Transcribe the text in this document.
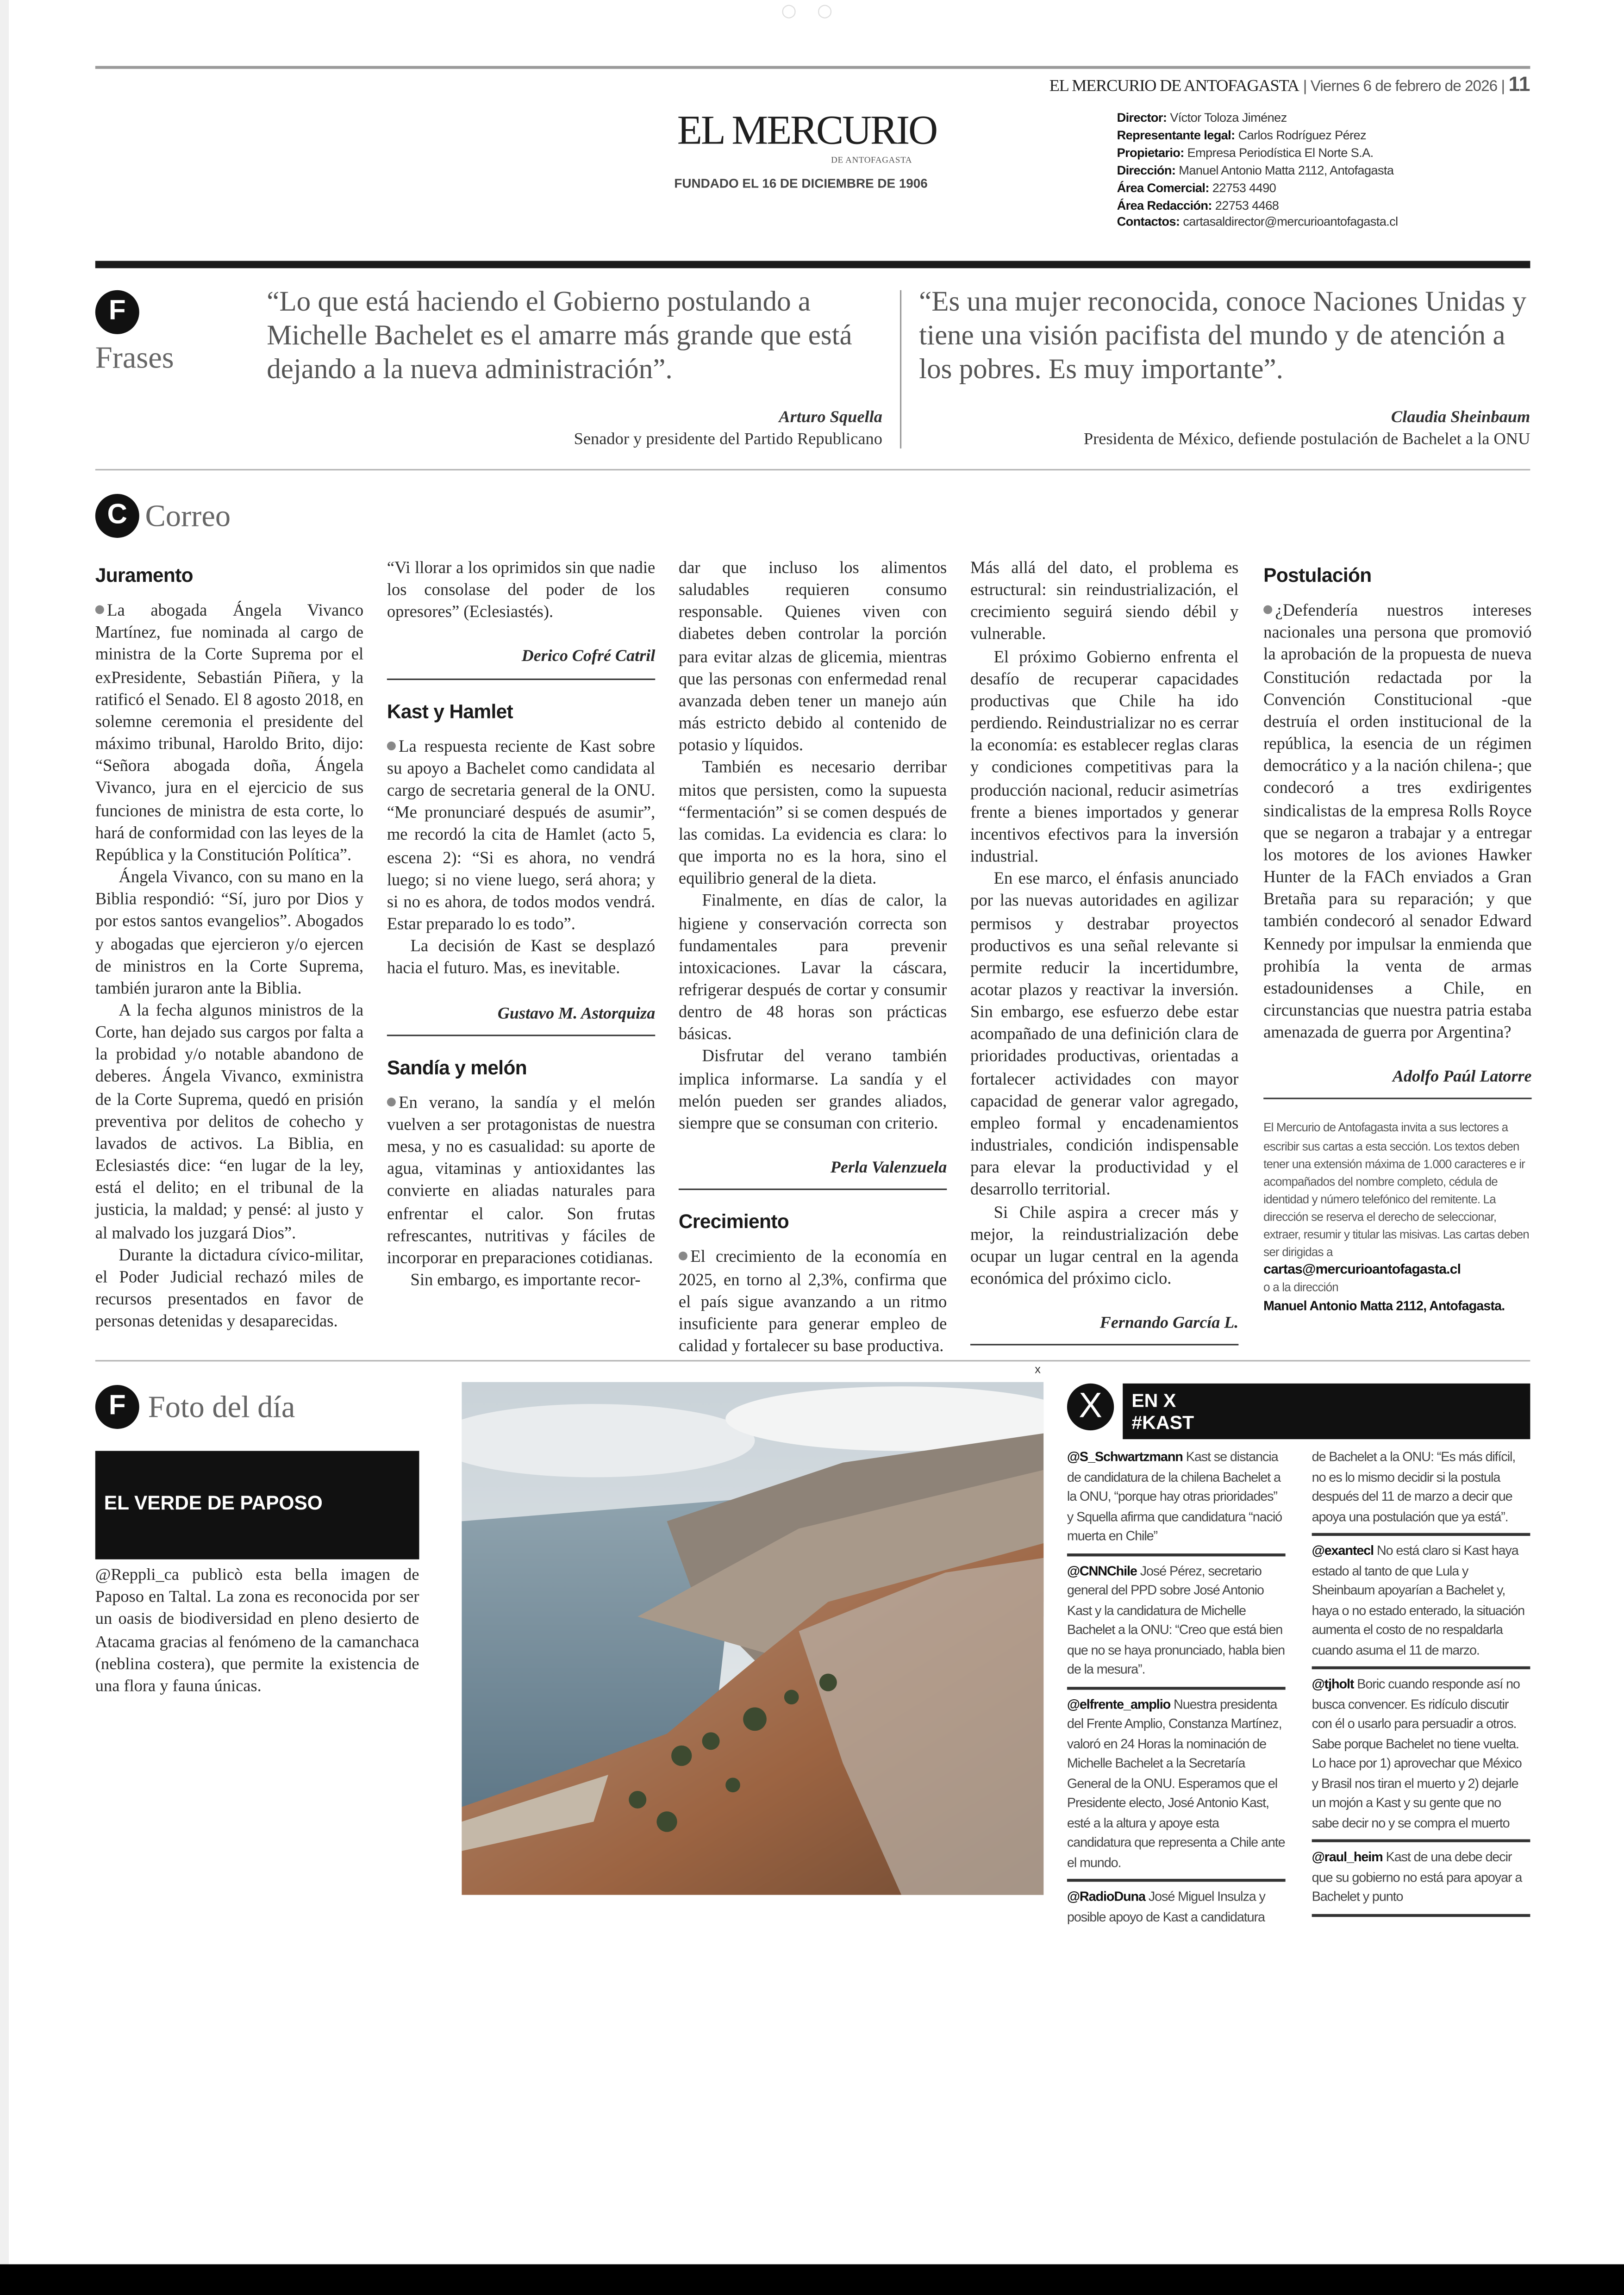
○○
EL MERCURIO DE ANTOFAGASTA | Viernes 6 de febrero de 2026 | 11
EL MERCURIO
DE ANTOFAGASTA
FUNDADO EL 16 DE DICIEMBRE DE 1906
Director: Víctor Toloza Jiménez
Representante legal: Carlos Rodríguez Pérez
Propietario: Empresa Periodística El Norte S.A.
Dirección: Manuel Antonio Matta 2112, Antofagasta
Área Comercial: 22753 4490
Área Redacción: 22753 4468
Contactos: cartasaldirector@mercurioantofagasta.cl
F
Frases
“Lo que está haciendo el Gobierno postulando a Michelle Bachelet es el amarre más grande que está dejando a la nueva administración”.
Arturo Squella
Senador y presidente del Partido Republicano
“Es una mujer reconocida, conoce Naciones Unidas y tiene una visión pacifista del mundo y de atención a los pobres. Es muy importante”.
Claudia Sheinbaum
Presidenta de México, defiende postulación de Bachelet a la ONU
C	Correo
Juramento

La abogada Ángela Vivanco Martínez, fue nominada al cargo de ministra de la Corte Suprema por el exPresidente, Sebastián Piñera, y la ratificó el Senado. El 8 agosto 2018, en solemne ceremonia el presidente del máximo tribunal, Haroldo Brito, dijo: “Señora abogada doña, Ángela Vivanco, jura en el ejercicio de sus funciones de ministra de esta corte, lo hará de conformidad con las leyes de la República y la Constitución Política”.

Ángela Vivanco, con su mano en la Biblia respondió: “Sí, juro por Dios y por estos santos evangelios”. Abogados y abogadas que ejercieron y/o ejercen de ministros en la Corte Suprema, también juraron ante la Biblia.

A la fecha algunos ministros de la Corte, han dejado sus cargos por falta a la probidad y/o notable abandono de deberes. Ángela Vivanco, exministra de la Corte Suprema, quedó en prisión preventiva por delitos de cohecho y lavados de activos. La Biblia, en Eclesiastés dice: “en lugar de la ley, está el delito; en el tribunal de la justicia, la maldad; y pensé: al justo y al malvado los juzgará Dios”.

Durante la dictadura cívico-militar, el Poder Judicial rechazó miles de recursos presentados en favor de personas detenidas y desaparecidas.

“Vi llorar a los oprimidos sin que nadie los consolase del poder de los opresores” (Eclesiastés).

Derico Cofré Catril
Kast y Hamlet

La respuesta reciente de Kast sobre su apoyo a Bachelet como candidata al cargo de secretaria general de la ONU. “Me pronunciaré después de asumir”, me recordó la cita de Hamlet (acto 5, escena 2): “Si es ahora, no vendrá luego; si no viene luego, será ahora; y si no es ahora, de todos modos vendrá. Estar preparado lo es todo”.

La decisión de Kast se desplazó hacia el futuro. Mas, es inevitable.

Gustavo M. Astorquiza
Sandía y melón

En verano, la sandía y el melón vuelven a ser protagonistas de nuestra mesa, y no es casualidad: su aporte de agua, vitaminas y antioxidantes las convierte en aliadas naturales para enfrentar el calor. Son frutas refrescantes, nutritivas y fáciles de incorporar en preparaciones cotidianas.

Sin embargo, es importante recor-

dar que incluso los alimentos saludables requieren consumo responsable. Quienes viven con diabetes deben controlar la porción para evitar alzas de glicemia, mientras que las personas con enfermedad renal avanzada deben tener un manejo aún más estricto debido al contenido de potasio y líquidos.

También es necesario derribar mitos que persisten, como la supuesta “fermentación” si se comen después de las comidas. La evidencia es clara: lo que importa no es la hora, sino el equilibrio general de la dieta.

Finalmente, en días de calor, la higiene y conservación correcta son fundamentales para prevenir intoxicaciones. Lavar la cáscara, refrigerar después de cortar y consumir dentro de 48 horas son prácticas básicas.

Disfrutar del verano también implica informarse. La sandía y el melón pueden ser grandes aliados, siempre que se consuman con criterio.

Perla Valenzuela
Crecimiento

El crecimiento de la economía en 2025, en torno al 2,3%, confirma que el país sigue avanzando a un ritmo insuficiente para generar empleo de calidad y fortalecer su base productiva.

Más allá del dato, el problema es estructural: sin reindustrialización, el crecimiento seguirá siendo débil y vulnerable.

El próximo Gobierno enfrenta el desafío de recuperar capacidades productivas que Chile ha ido perdiendo. Reindustrializar no es cerrar la economía: es establecer reglas claras y condiciones competitivas para la producción nacional, reducir asimetrías frente a bienes importados y generar incentivos efectivos para la inversión industrial.

En ese marco, el énfasis anunciado por las nuevas autoridades en agilizar permisos y destrabar proyectos productivos es una señal relevante si permite reducir la incertidumbre, acotar plazos y reactivar la inversión. Sin embargo, ese esfuerzo debe estar acompañado de una definición clara de prioridades productivas, orientadas a fortalecer actividades con mayor capacidad de generar valor agregado, empleo formal y encadenamientos industriales, condición indispensable para elevar la productividad y el desarrollo territorial.

Si Chile aspira a crecer más y mejor, la reindustrialización debe ocupar un lugar central en la agenda económica del próximo ciclo.

Fernando García L.
Postulación

¿Defendería nuestros intereses nacionales una persona que promovió la aprobación de la propuesta de nueva Constitución redactada por la Convención Constitucional -que destruía el orden institucional de la república, la esencia de un régimen democrático y a la nación chilena-; que condecoró a tres exdirigentes sindicalistas de la empresa Rolls Royce que se negaron a trabajar y a entregar los motores de los aviones Hawker Hunter de la FACh enviados a Gran Bretaña para su reparación; y que también condecoró al senador Edward Kennedy por impulsar la enmienda que prohibía la venta de armas estadounidenses a Chile, en circunstancias que nuestra patria estaba amenazada de guerra por Argentina?

Adolfo Paúl Latorre
El Mercurio de Antofagasta invita a sus lectores a escribir sus cartas a esta sección. Los textos deben tener una extensión máxima de 1.000 caracteres e ir acompañados del nombre completo, cédula de identidad y número telefónico del remitente. La dirección se reserva el derecho de seleccionar, extraer, resumir y titular las misivas. Las cartas deben ser dirigidas a
cartas@mercurioantofagasta.cl
o a la dirección
Manuel Antonio Matta 2112, Antofagasta.
F	Foto del día
EL VERDE DE PAPOSO
@Reppli_ca publicò esta bella imagen de Paposo en Taltal. La zona es reconocida por ser un oasis de biodiversidad en pleno desierto de Atacama gracias al fenómeno de la camanchaca (neblina costera), que permite la existencia de una flora y fauna únicas.
x
X	EN X
#KAST
@S_Schwartzmann Kast se distancia de candidatura de la chilena Bachelet a la ONU, “porque hay otras prioridades” y Squella afirma que candidatura “nació muerta en Chile”
@CNNChile José Pérez, secretario general del PPD sobre José Antonio Kast y la candidatura de Michelle Bachelet a la ONU: “Creo que está bien que no se haya pronunciado, habla bien de la mesura”.
@elfrente_amplio Nuestra presidenta del Frente Amplio, Constanza Martínez, valoró en 24 Horas la nominación de Michelle Bachelet a la Secretaría General de la ONU. Esperamos que el Presidente electo, José Antonio Kast, esté a la altura y apoye esta candidatura que representa a Chile ante el mundo.
@RadioDuna José Miguel Insulza y posible apoyo de Kast a candidatura
de Bachelet a la ONU: “Es más difícil, no es lo mismo decidir si la postula después del 11 de marzo a decir que apoya una postulación que ya está”.
@exantecl No está claro si Kast haya estado al tanto de que Lula y Sheinbaum apoyarían a Bachelet y, haya o no estado enterado, la situación aumenta el costo de no respaldarla cuando asuma el 11 de marzo.
@tjholt Boric cuando responde así no busca convencer. Es ridículo discutir con él o usarlo para persuadir a otros. Sabe porque Bachelet no tiene vuelta. Lo hace por 1) aprovechar que México y Brasil nos tiran el muerto y 2) dejarle un mojón a Kast y su gente que no sabe decir no y se compra el muerto
@raul_heim Kast de una debe decir que su gobierno no está para apoyar a Bachelet y punto
